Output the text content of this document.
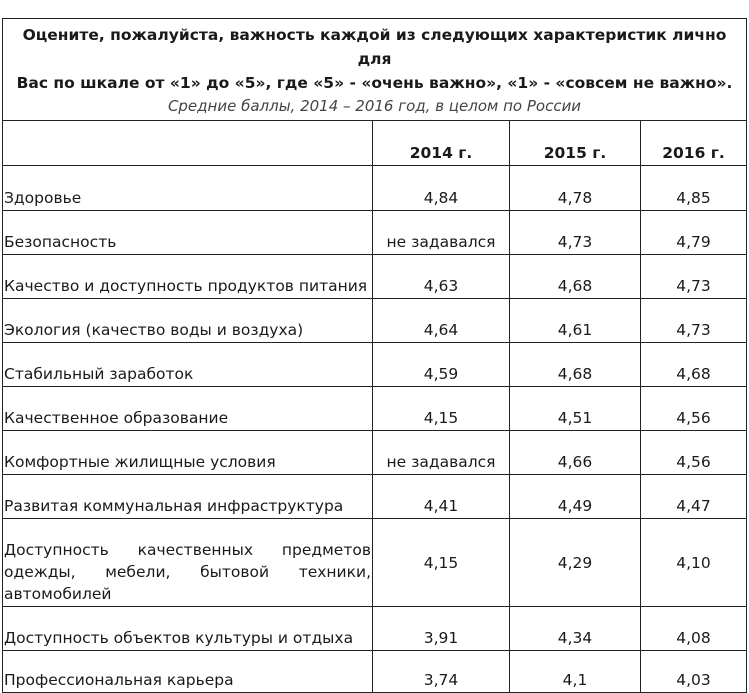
Оцените, пожалуйста, важность каждой из следующих характеристик лично для
Вас по шкале от «1» до «5», где «5» - «очень важно», «1» - «совсем не важно».
Средние баллы, 2014 – 2016 год, в целом по России			

	2014 г.	2015 г.	2016 г.
Здоровье	4,84	4,78	4,85
Безопасность	не задавался	4,73	4,79
Качество и доступность продуктов питания	4,63	4,68	4,73
Экология (качество воды и воздуха)	4,64	4,61	4,73
Стабильный заработок	4,59	4,68	4,68
Качественное образование	4,15	4,51	4,56
Комфортные жилищные условия	не задавался	4,66	4,56
Развитая коммунальная инфраструктура	4,41	4,49	4,47
Доступность качественных предметов одежды, мебели, бытовой техники, автомобилей	4,15	4,29	4,10
Доступность объектов культуры и отдыха	3,91	4,34	4,08
Профессиональная карьера	3,74	4,1	4,03
